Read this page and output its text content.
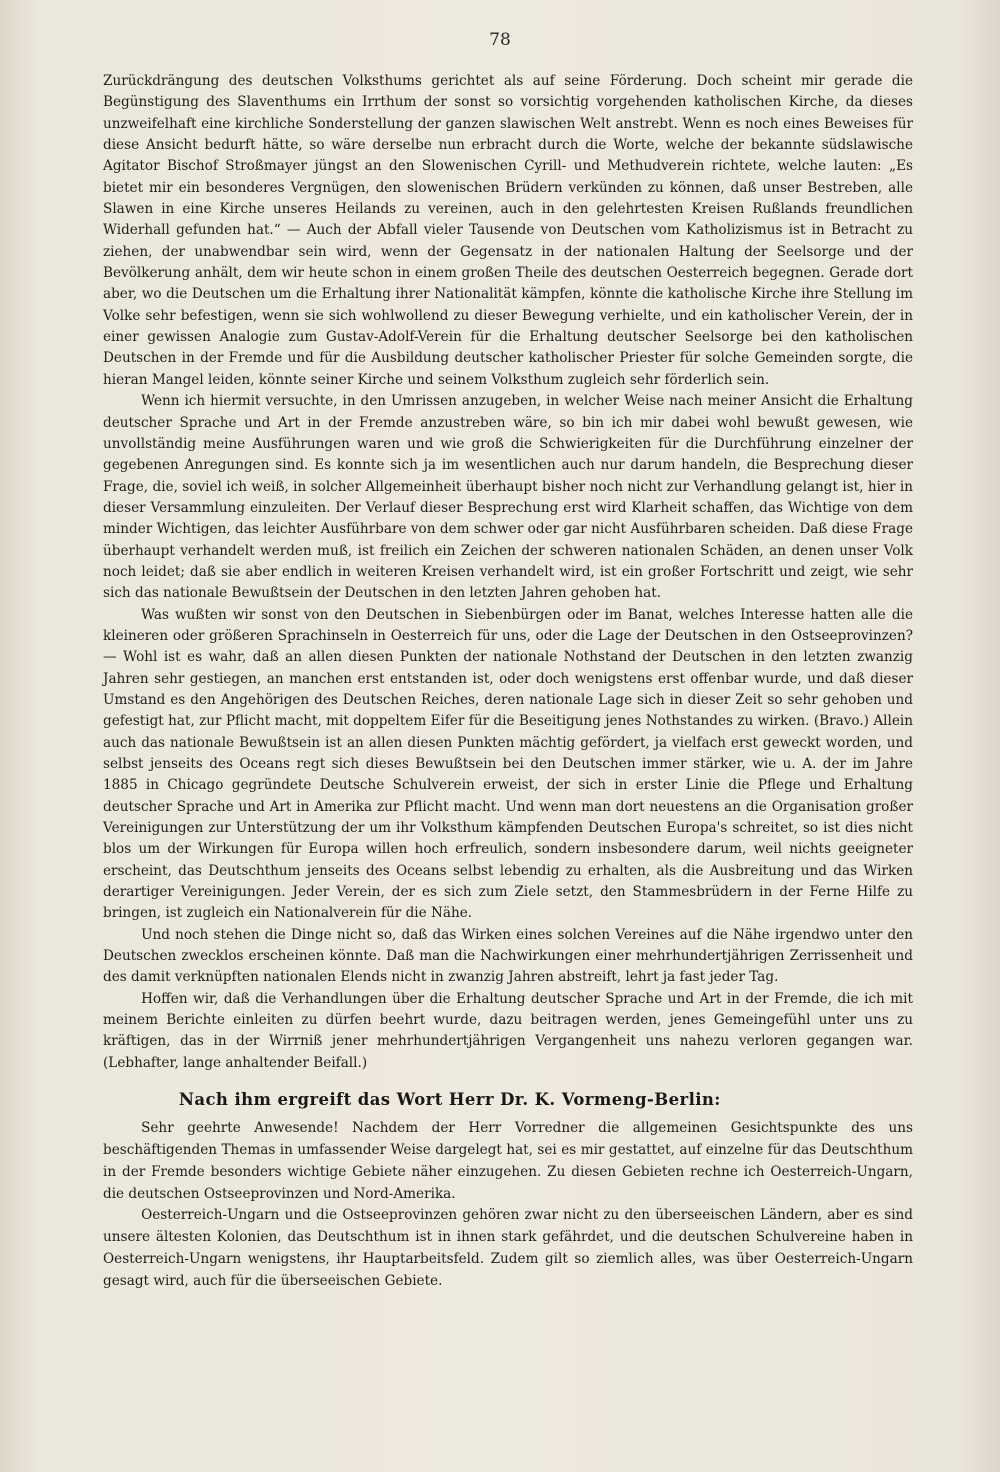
78

Zurückdrängung des deutschen Volksthums gerichtet als auf seine Förderung. Doch scheint mir gerade die Begünstigung des Slaventhums ein Irrthum der sonst so vorsichtig vorgehenden katholischen Kirche, da dieses unzweifelhaft eine kirchliche Sonderstellung der ganzen slawischen Welt anstrebt. Wenn es noch eines Beweises für diese Ansicht bedurft hätte, so wäre derselbe nun erbracht durch die Worte, welche der bekannte südslawische Agitator Bischof Stroßmayer jüngst an den Slowenischen Cyrill- und Methudverein richtete, welche lauten: „Es bietet mir ein besonderes Vergnügen, den slowenischen Brüdern verkünden zu können, daß unser Bestreben, alle Slawen in eine Kirche unseres Heilands zu vereinen, auch in den gelehrtesten Kreisen Rußlands freundlichen Widerhall gefunden hat.“ — Auch der Abfall vieler Tausende von Deutschen vom Katholizismus ist in Betracht zu ziehen, der unabwendbar sein wird, wenn der Gegensatz in der nationalen Haltung der Seelsorge und der Bevölkerung anhält, dem wir heute schon in einem großen Theile des deutschen Oesterreich begegnen. Gerade dort aber, wo die Deutschen um die Erhaltung ihrer Nationalität kämpfen, könnte die katholische Kirche ihre Stellung im Volke sehr befestigen, wenn sie sich wohlwollend zu dieser Bewegung verhielte, und ein katholischer Verein, der in einer gewissen Analogie zum Gustav-Adolf-Verein für die Erhaltung deutscher Seelsorge bei den katholischen Deutschen in der Fremde und für die Ausbildung deutscher katholischer Priester für solche Gemeinden sorgte, die hieran Mangel leiden, könnte seiner Kirche und seinem Volksthum zugleich sehr förderlich sein.

Wenn ich hiermit versuchte, in den Umrissen anzugeben, in welcher Weise nach meiner Ansicht die Erhaltung deutscher Sprache und Art in der Fremde anzustreben wäre, so bin ich mir dabei wohl bewußt gewesen, wie unvollständig meine Ausführungen waren und wie groß die Schwierigkeiten für die Durchführung einzelner der gegebenen Anregungen sind. Es konnte sich ja im wesentlichen auch nur darum handeln, die Besprechung dieser Frage, die, soviel ich weiß, in solcher Allgemeinheit überhaupt bisher noch nicht zur Verhandlung gelangt ist, hier in dieser Versammlung einzuleiten. Der Verlauf dieser Besprechung erst wird Klarheit schaffen, das Wichtige von dem minder Wichtigen, das leichter Ausführbare von dem schwer oder gar nicht Ausführbaren scheiden. Daß diese Frage überhaupt verhandelt werden muß, ist freilich ein Zeichen der schweren nationalen Schäden, an denen unser Volk noch leidet; daß sie aber endlich in weiteren Kreisen verhandelt wird, ist ein großer Fortschritt und zeigt, wie sehr sich das nationale Bewußtsein der Deutschen in den letzten Jahren gehoben hat.

Was wußten wir sonst von den Deutschen in Siebenbürgen oder im Banat, welches Interesse hatten alle die kleineren oder größeren Sprachinseln in Oesterreich für uns, oder die Lage der Deutschen in den Ostseeprovinzen? — Wohl ist es wahr, daß an allen diesen Punkten der nationale Nothstand der Deutschen in den letzten zwanzig Jahren sehr gestiegen, an manchen erst entstanden ist, oder doch wenigstens erst offenbar wurde, und daß dieser Umstand es den Angehörigen des Deutschen Reiches, deren nationale Lage sich in dieser Zeit so sehr gehoben und gefestigt hat, zur Pflicht macht, mit doppeltem Eifer für die Beseitigung jenes Nothstandes zu wirken. (Bravo.) Allein auch das nationale Bewußtsein ist an allen diesen Punkten mächtig gefördert, ja vielfach erst geweckt worden, und selbst jenseits des Oceans regt sich dieses Bewußtsein bei den Deutschen immer stärker, wie u. A. der im Jahre 1885 in Chicago gegründete Deutsche Schulverein erweist, der sich in erster Linie die Pflege und Erhaltung deutscher Sprache und Art in Amerika zur Pflicht macht. Und wenn man dort neuestens an die Organisation großer Vereinigungen zur Unterstützung der um ihr Volksthum kämpfenden Deutschen Europa's schreitet, so ist dies nicht blos um der Wirkungen für Europa willen hoch erfreulich, sondern insbesondere darum, weil nichts geeigneter erscheint, das Deutschthum jenseits des Oceans selbst lebendig zu erhalten, als die Ausbreitung und das Wirken derartiger Vereinigungen. Jeder Verein, der es sich zum Ziele setzt, den Stammesbrüdern in der Ferne Hilfe zu bringen, ist zugleich ein Nationalverein für die Nähe.

Und noch stehen die Dinge nicht so, daß das Wirken eines solchen Vereines auf die Nähe irgendwo unter den Deutschen zwecklos erscheinen könnte. Daß man die Nachwirkungen einer mehrhundertjährigen Zerrissenheit und des damit verknüpften nationalen Elends nicht in zwanzig Jahren abstreift, lehrt ja fast jeder Tag.

Hoffen wir, daß die Verhandlungen über die Erhaltung deutscher Sprache und Art in der Fremde, die ich mit meinem Berichte einleiten zu dürfen beehrt wurde, dazu beitragen werden, jenes Gemeingefühl unter uns zu kräftigen, das in der Wirrniß jener mehrhundertjährigen Vergangenheit uns nahezu verloren gegangen war. (Lebhafter, lange anhaltender Beifall.)

Nach ihm ergreift das Wort Herr Dr. K. Vormeng-Berlin:

Sehr geehrte Anwesende! Nachdem der Herr Vorredner die allgemeinen Gesichtspunkte des uns beschäftigenden Themas in umfassender Weise dargelegt hat, sei es mir gestattet, auf einzelne für das Deutschthum in der Fremde besonders wichtige Gebiete näher einzugehen. Zu diesen Gebieten rechne ich Oesterreich-Ungarn, die deutschen Ostseeprovinzen und Nord-Amerika.

Oesterreich-Ungarn und die Ostseeprovinzen gehören zwar nicht zu den überseeischen Ländern, aber es sind unsere ältesten Kolonien, das Deutschthum ist in ihnen stark gefährdet, und die deutschen Schulvereine haben in Oesterreich-Ungarn wenigstens, ihr Hauptarbeitsfeld. Zudem gilt so ziemlich alles, was über Oesterreich-Ungarn gesagt wird, auch für die überseeischen Gebiete.
